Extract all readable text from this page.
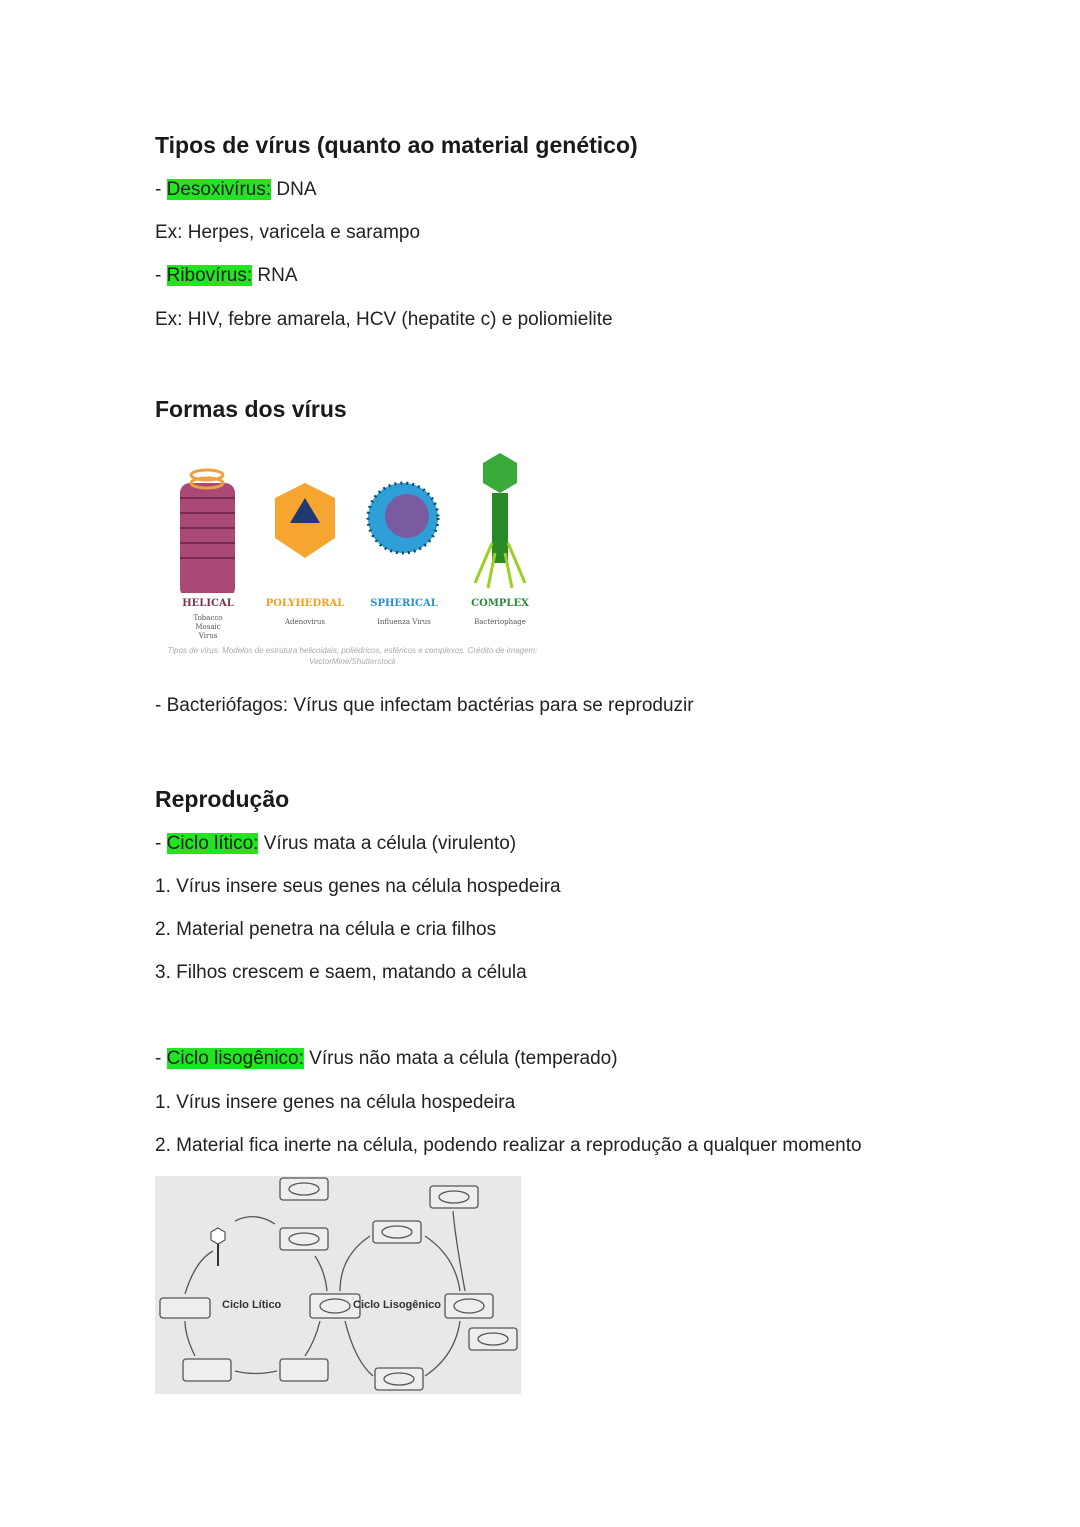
Tipos de vírus (quanto ao material genético)
- Desoxivírus: DNA
Ex: Herpes, varicela e sarampo
- Ribovírus: RNA
Ex: HIV, febre amarela, HCV (hepatite c) e poliomielite
Formas dos vírus
HELICAL
Tobacco Mosaic Virus
POLYHEDRAL
Adenovirus
SPHERICAL
Influenza Virus
COMPLEX
Bacteriophage
Tipos de vírus. Modelos de estrutura helicoidais, poliédricos, esféricos e complexos. Crédito de imagem: VectorMine/Shutterstock
- Bacteriófagos: Vírus que infectam bactérias para se reproduzir
Reprodução
- Ciclo lítico: Vírus mata a célula (virulento)
1. Vírus insere seus genes na célula hospedeira
2. Material penetra na célula e cria filhos
3. Filhos crescem e saem, matando a célula
- Ciclo lisogênico: Vírus não mata a célula (temperado)
1. Vírus insere genes na célula hospedeira
2. Material fica inerte na célula, podendo realizar a reprodução a qualquer momento
Ciclo Lítico	Ciclo Lisogênico
